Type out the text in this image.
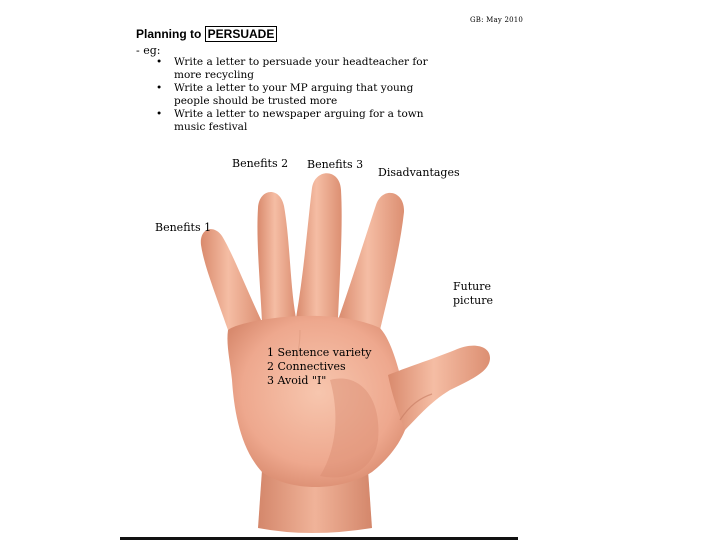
GB: May 2010
Planning to PERSUADE
- eg:
• Write a letter to persuade your headteacher for more recycling
• Write a letter to your MP arguing that young people should be trusted more
• Write a letter to newspaper arguing for a town music festival
Benefits 2 Benefits 3
Disadvantages
Benefits 1
Future
picture
1 Sentence variety
2 Connectives
3 Avoid "I"
